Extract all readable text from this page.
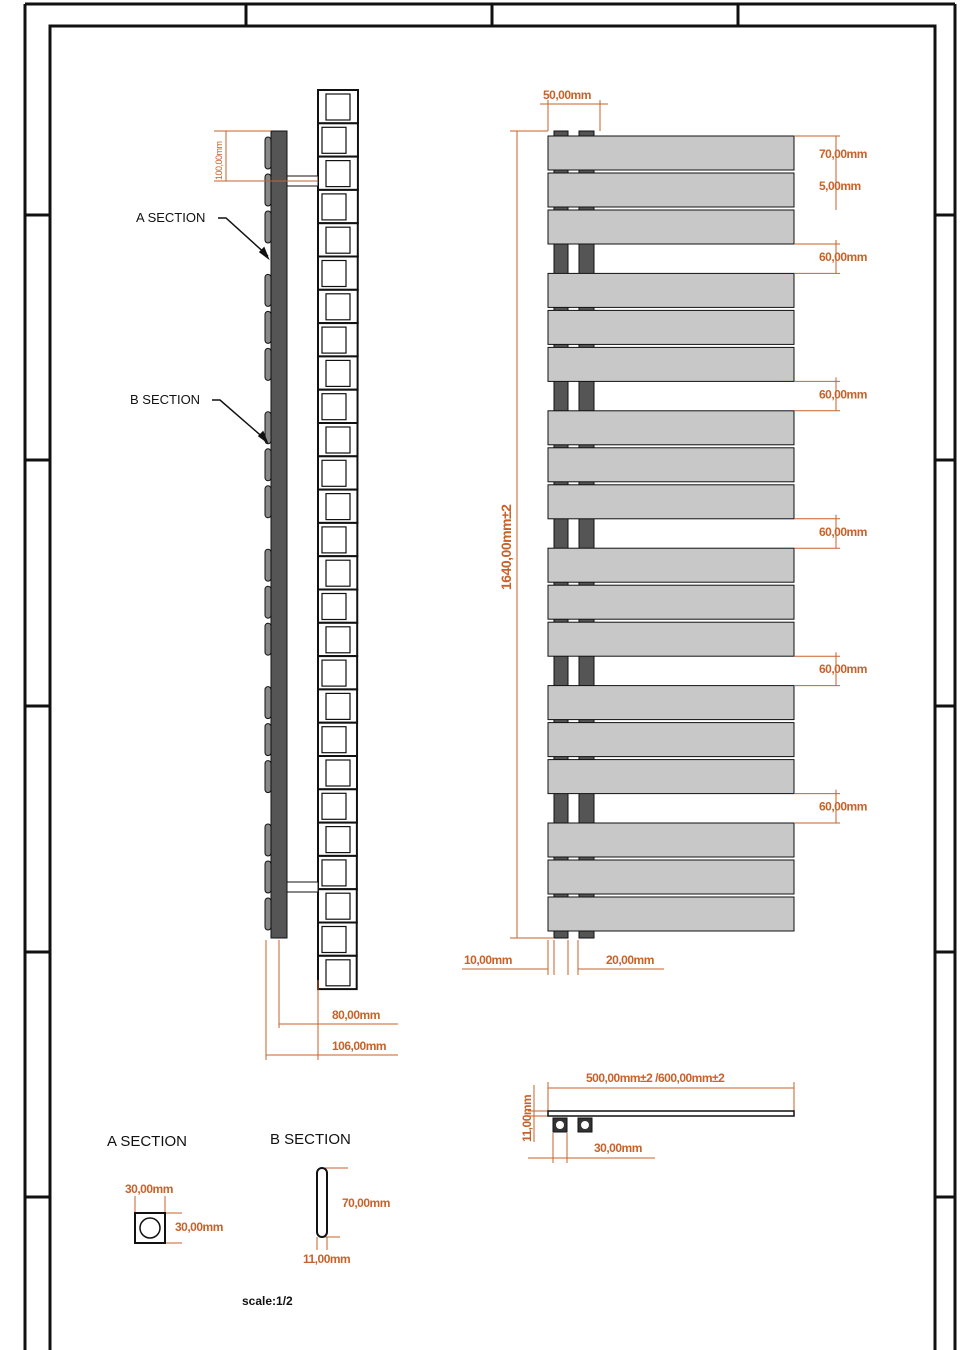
100,00mm
80,00mm
106,00mm
A SECTION
B SECTION
50,00mm
70,00mm
5,00mm
60,00mm
60,00mm
60,00mm
60,00mm
60,00mm
1640,00mm±2
10,00mm	20,00mm
500,00mm±2 /600,00mm±2
11,00mm
30,00mm
A SECTION	B SECTION
30,00mm
30,00mm
70,00mm
11,00mm
scale:1/2
